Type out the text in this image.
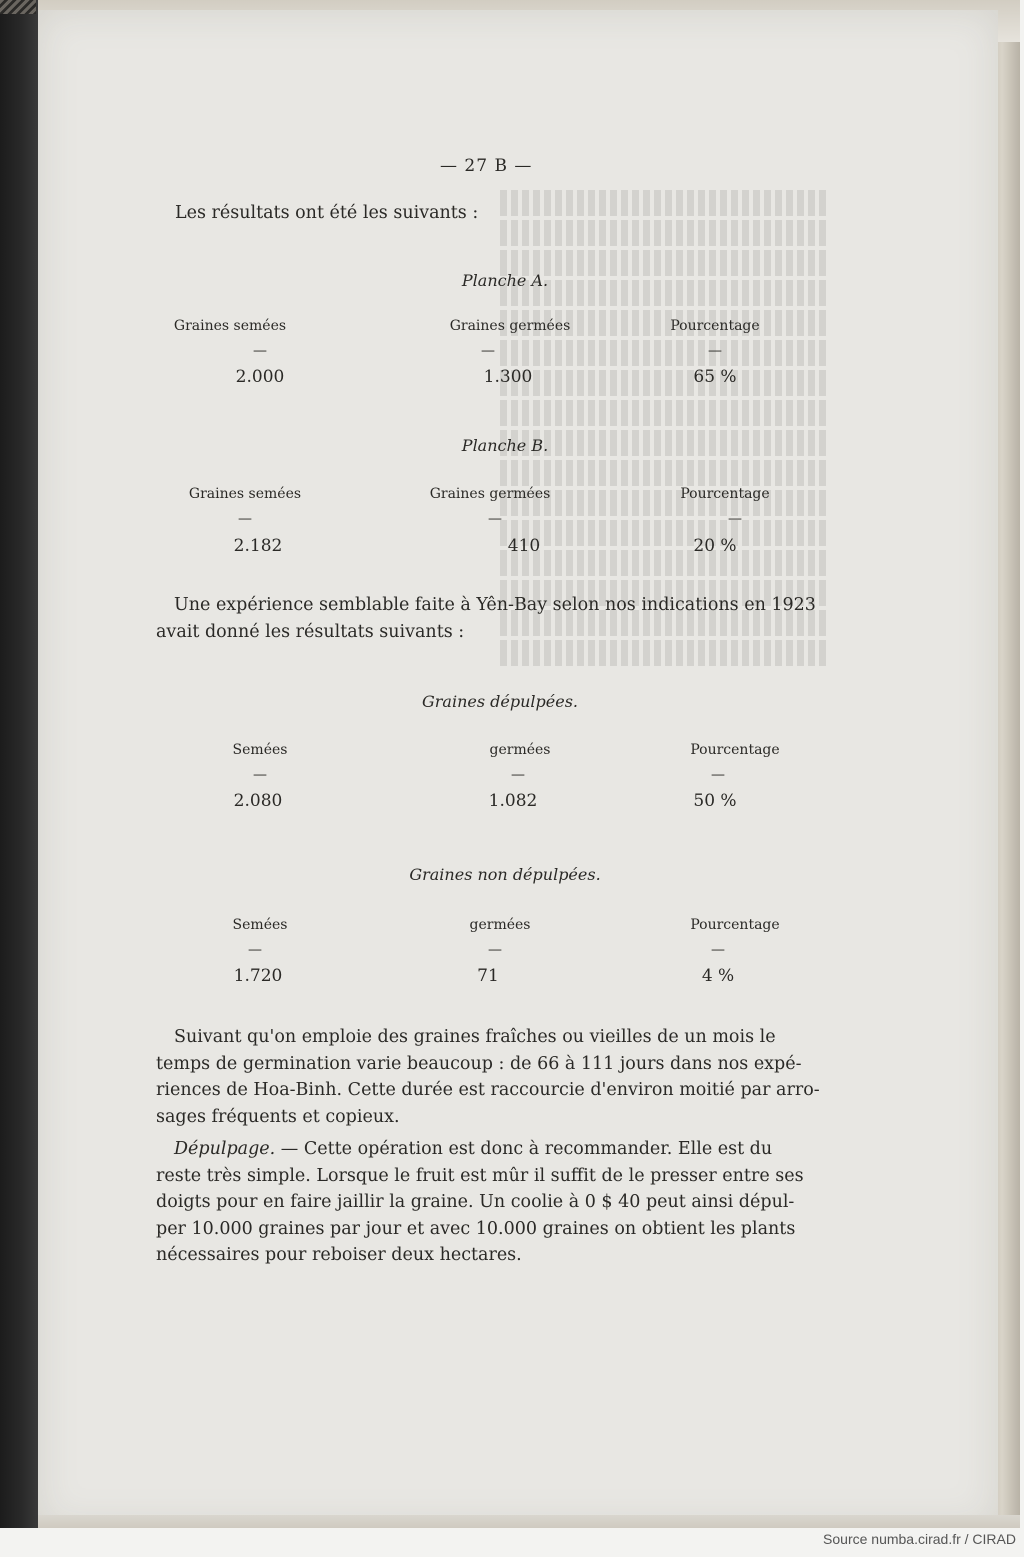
— 27 B —
Les résultats ont été les suivants :
Planche A.
Graines semées	Graines germées	Pourcentage
—	—	—
2.000	1.300	65 %
Planche B.
Graines semées	Graines germées	Pourcentage
—	—	—
2.182	410	20 %
Une expérience semblable faite à Yên-Bay selon nos indications en 1923
avait donné les résultats suivants :
Graines dépulpées.
Semées	germées	Pourcentage
—	—	—
2.080	1.082	50 %
Graines non dépulpées.
Semées	germées	Pourcentage
—	—	—
1.720	71	4 %
Suivant qu'on emploie des graines fraîches ou vieilles de un mois le
temps de germination varie beaucoup : de 66 à 111 jours dans nos expé-
riences de Hoa-Binh. Cette durée est raccourcie d'environ moitié par arro-
sages fréquents et copieux.
Dépulpage. — Cette opération est donc à recommander. Elle est du
reste très simple. Lorsque le fruit est mûr il suffit de le presser entre ses
doigts pour en faire jaillir la graine. Un coolie à 0 $ 40 peut ainsi dépul-
per 10.000 graines par jour et avec 10.000 graines on obtient les plants
nécessaires pour reboiser deux hectares.
Source numba.cirad.fr / CIRAD
